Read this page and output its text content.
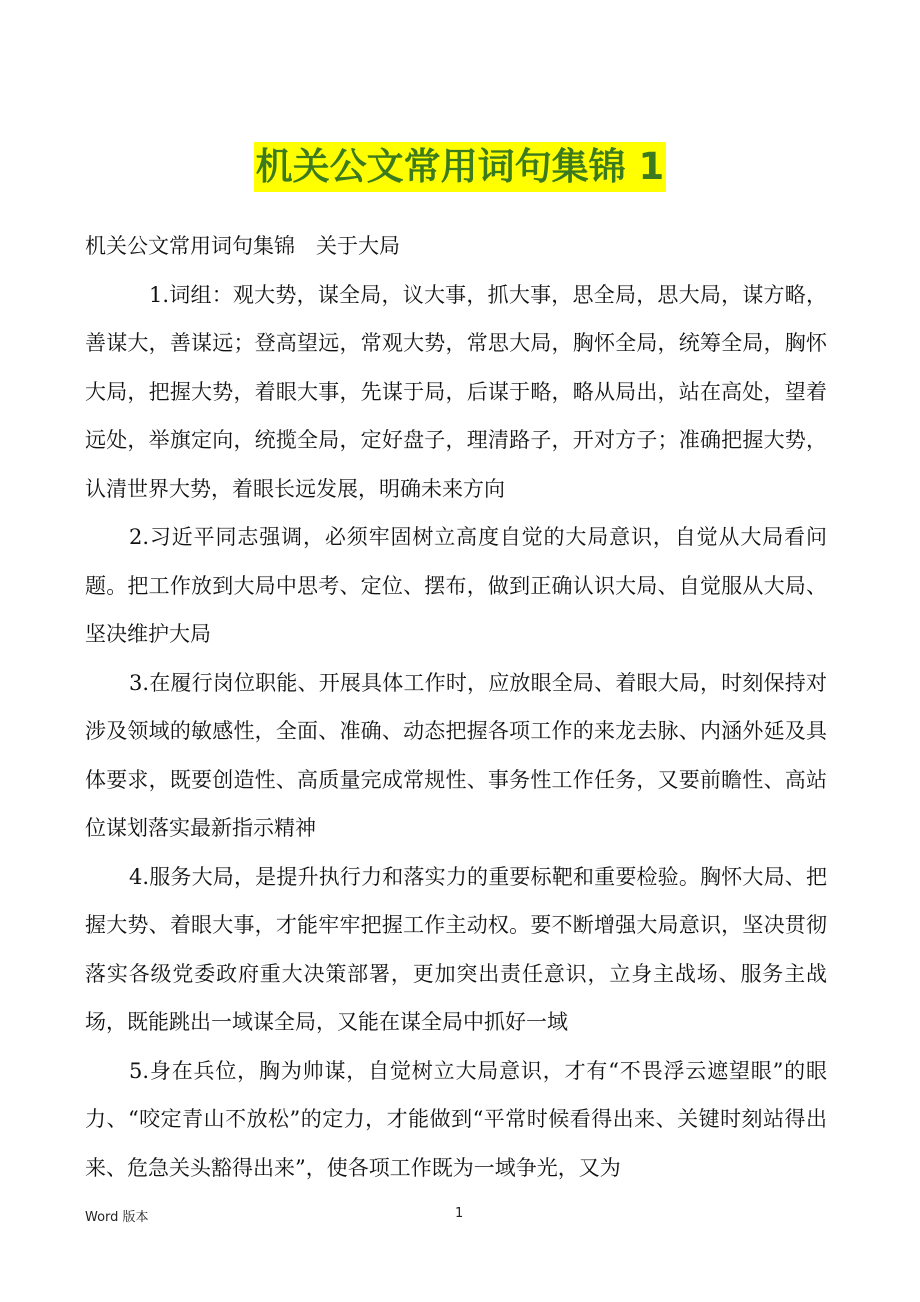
机关公文常用词句集锦 1

机关公文常用词句集锦　关于大局

1.词组：观大势，谋全局，议大事，抓大事，思全局，思大局，谋方略，善谋大，善谋远；登高望远，常观大势，常思大局，胸怀全局，统筹全局，胸怀大局，把握大势，着眼大事，先谋于局，后谋于略，略从局出，站在高处，望着远处，举旗定向，统揽全局，定好盘子，理清路子，开对方子；准确把握大势，认清世界大势，着眼长远发展，明确未来方向

2.习近平同志强调，必须牢固树立高度自觉的大局意识，自觉从大局看问题。把工作放到大局中思考、定位、摆布，做到正确认识大局、自觉服从大局、坚决维护大局

3.在履行岗位职能、开展具体工作时，应放眼全局、着眼大局，时刻保持对涉及领域的敏感性，全面、准确、动态把握各项工作的来龙去脉、内涵外延及具体要求，既要创造性、高质量完成常规性、事务性工作任务，又要前瞻性、高站位谋划落实最新指示精神

4.服务大局，是提升执行力和落实力的重要标靶和重要检验。胸怀大局、把握大势、着眼大事，才能牢牢把握工作主动权。要不断增强大局意识，坚决贯彻落实各级党委政府重大决策部署，更加突出责任意识，立身主战场、服务主战场，既能跳出一域谋全局，又能在谋全局中抓好一域

5.身在兵位，胸为帅谋，自觉树立大局意识，才有“不畏浮云遮望眼”的眼力、“咬定青山不放松”的定力，才能做到“平常时候看得出来、关键时刻站得出来、危急关头豁得出来”，使各项工作既为一域争光，又为

Word 版本	1
